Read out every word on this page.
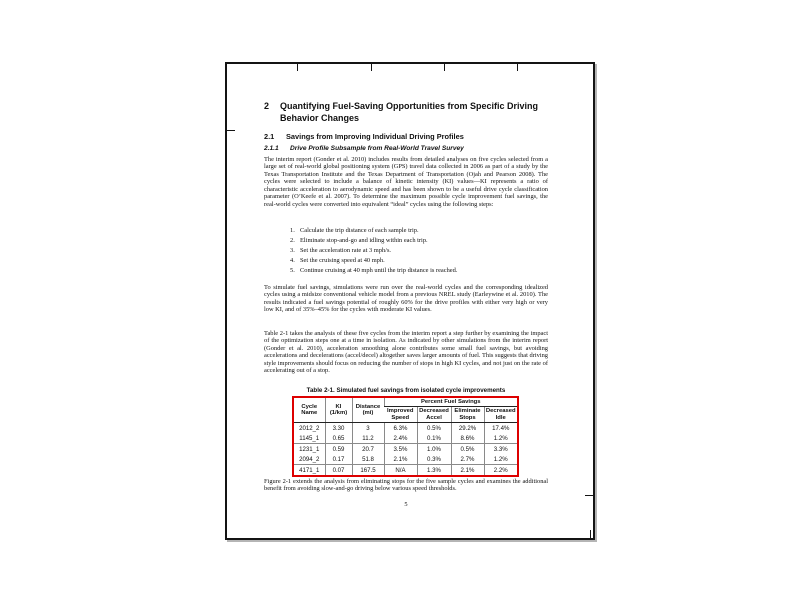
2 Quantifying Fuel-Saving Opportunities from Specific Driving Behavior Changes
2.1 Savings from Improving Individual Driving Profiles
2.1.1 Drive Profile Subsample from Real-World Travel Survey
The interim report (Gonder et al. 2010) includes results from detailed analyses on five cycles selected from a large set of real-world global positioning system (GPS) travel data collected in 2006 as part of a study by the Texas Transportation Institute and the Texas Department of Transportation (Ojah and Pearson 2008). The cycles were selected to include a balance of kinetic intensity (KI) values—KI represents a ratio of characteristic acceleration to aerodynamic speed and has been shown to be a useful drive cycle classification parameter (O’Keefe et al. 2007). To determine the maximum possible cycle improvement fuel savings, the real-world cycles were converted into equivalent “ideal” cycles using the following steps:
1. Calculate the trip distance of each sample trip.
2. Eliminate stop-and-go and idling within each trip.
3. Set the acceleration rate at 3 mph/s.
4. Set the cruising speed at 40 mph.
5. Continue cruising at 40 mph until the trip distance is reached.
To simulate fuel savings, simulations were run over the real-world cycles and the corresponding idealized cycles using a midsize conventional vehicle model from a previous NREL study (Earleywine et al. 2010). The results indicated a fuel savings potential of roughly 60% for the drive profiles with either very high or very low KI, and of 35%–45% for the cycles with moderate KI values.
Table 2-1 takes the analysis of these five cycles from the interim report a step further by examining the impact of the optimization steps one at a time in isolation. As indicated by other simulations from the interim report (Gonder et al. 2010), acceleration smoothing alone contributes some small fuel savings, but avoiding accelerations and decelerations (accel/decel) altogether saves larger amounts of fuel. This suggests that driving style improvements should focus on reducing the number of stops in high KI cycles, and not just on the rate of accelerating out of a stop.
Table 2-1. Simulated fuel savings from isolated cycle improvements
Cycle Name	KI (1/km)	Distance (mi)	Percent Fuel Savings			
			Improved Speed	Decreased Accel	Eliminate Stops	Decreased Idle
2012_2	3.30	3	6.3%	0.5%	29.2%	17.4%
1145_1	0.65	11.2	2.4%	0.1%	8.6%	1.2%
1231_1	0.59	20.7	3.5%	1.0%	0.5%	3.3%
2094_2	0.17	51.8	2.1%	0.3%	2.7%	1.2%
4171_1	0.07	167.5	N/A	1.3%	2.1%	2.2%
Figure 2-1 extends the analysis from eliminating stops for the five sample cycles and examines the additional benefit from avoiding slow-and-go driving below various speed thresholds.
5
